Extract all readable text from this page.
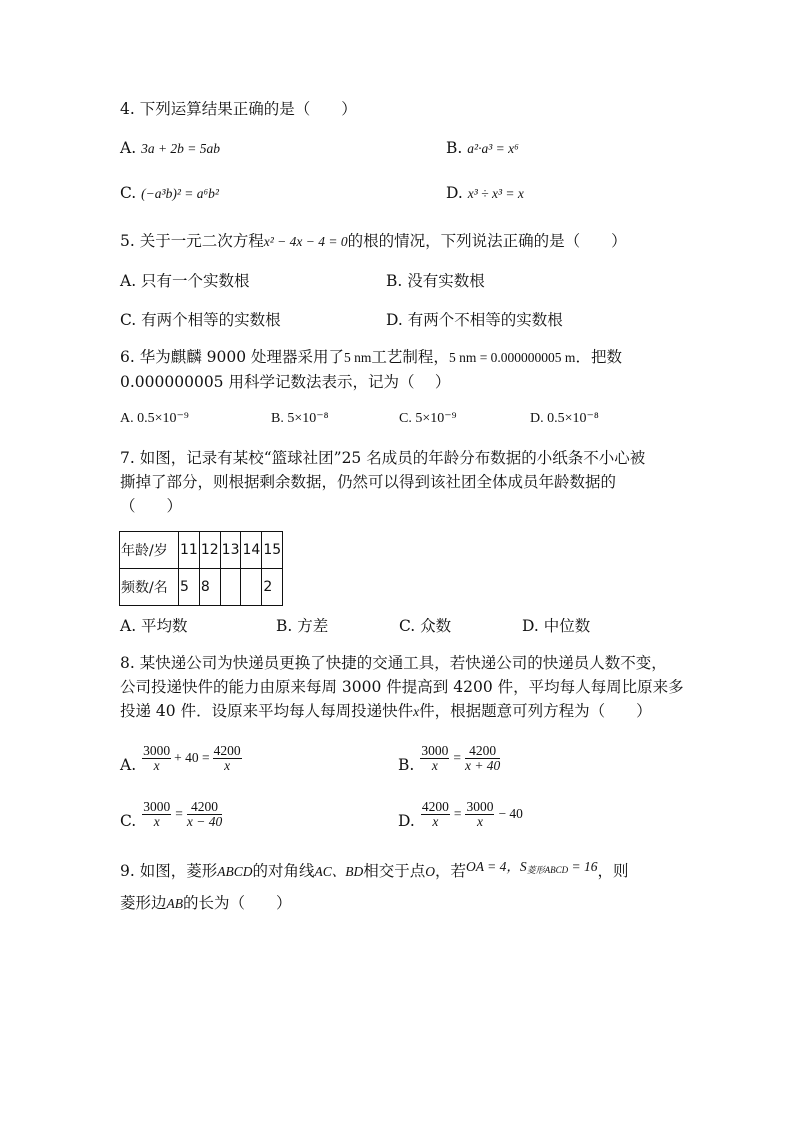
4. 下列运算结果正确的是（　　）
A. 3a + 2b = 5ab	B. a²·a³ = x⁶
C. (−a³b)² = a⁶b²	D. x³ ÷ x³ = x
5. 关于一元二次方程x² − 4x − 4 = 0的根的情况，下列说法正确的是（　　）
A. 只有一个实数根	B. 没有实数根
C. 有两个相等的实数根	D. 有两个不相等的实数根
6. 华为麒麟 9000 处理器采用了5 nm工艺制程，5 nm = 0.000000005 m．把数
0.000000005 用科学记数法表示，记为（　 ）
A. 0.5×10⁻⁹	B. 5×10⁻⁸	C. 5×10⁻⁹	D. 0.5×10⁻⁸
7. 如图，记录有某校“篮球社团”25 名成员的年龄分布数据的小纸条不小心被
撕掉了部分，则根据剩余数据，仍然可以得到该社团全体成员年龄数据的
（　　）
年龄/岁	11	12	13	14	15
频数/名	5	8			2
A. 平均数	B. 方差	C. 众数	D. 中位数
8. 某快递公司为快递员更换了快捷的交通工具，若快递公司的快递员人数不变，
公司投递快件的能力由原来每周 3000 件提高到 4200 件，平均每人每周比原来多
投递 40 件．设原来平均每人每周投递快件x件，根据题意可列方程为（　　）
A. $\frac{3000}{x} + 40 = \frac{4200}{x}$	B. $\frac{3000}{x} = \frac{4200}{x + 40}$
C. $\frac{3000}{x} = \frac{4200}{x - 40}$	D. $\frac{4200}{x} = \frac{3000}{x} - 40$
9. 如图，菱形ABCD的对角线AC、BD相交于点O，若OA = 4，$S_{菱形ABCD} = 16$，则
菱形边AB的长为（　　）
